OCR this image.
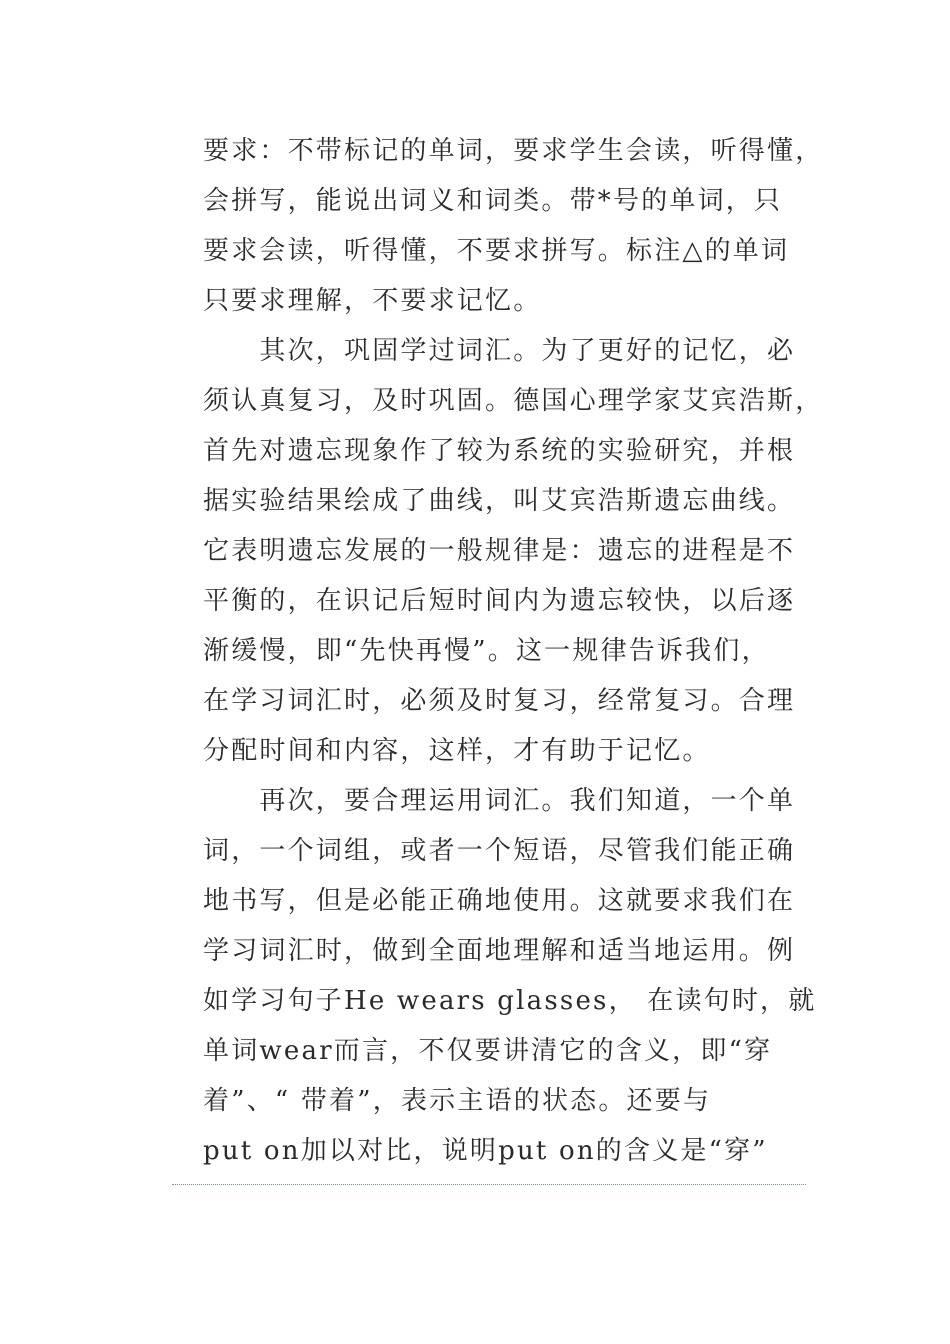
要求：不带标记的单词，要求学生会读，听得懂，
会拼写，能说出词义和词类。带*号的单词，只
要求会读，听得懂，不要求拼写。标注△的单词
只要求理解，不要求记忆。
　　其次，巩固学过词汇。为了更好的记忆，必
须认真复习，及时巩固。德国心理学家艾宾浩斯，
首先对遗忘现象作了较为系统的实验研究，并根
据实验结果绘成了曲线，叫艾宾浩斯遗忘曲线。
它表明遗忘发展的一般规律是：遗忘的进程是不
平衡的，在识记后短时间内为遗忘较快，以后逐
渐缓慢，即“先快再慢”。这一规律告诉我们，
在学习词汇时，必须及时复习，经常复习。合理
分配时间和内容，这样，才有助于记忆。
　　再次，要合理运用词汇。我们知道，一个单
词，一个词组，或者一个短语，尽管我们能正确
地书写，但是必能正确地使用。这就要求我们在
学习词汇时，做到全面地理解和适当地运用。例
如学习句子He wears glasses， 在读句时，就
单词wear而言，不仅要讲清它的含义，即“穿
着”、“ 带着”，表示主语的状态。还要与
put on加以对比，说明put on的含义是“穿”
